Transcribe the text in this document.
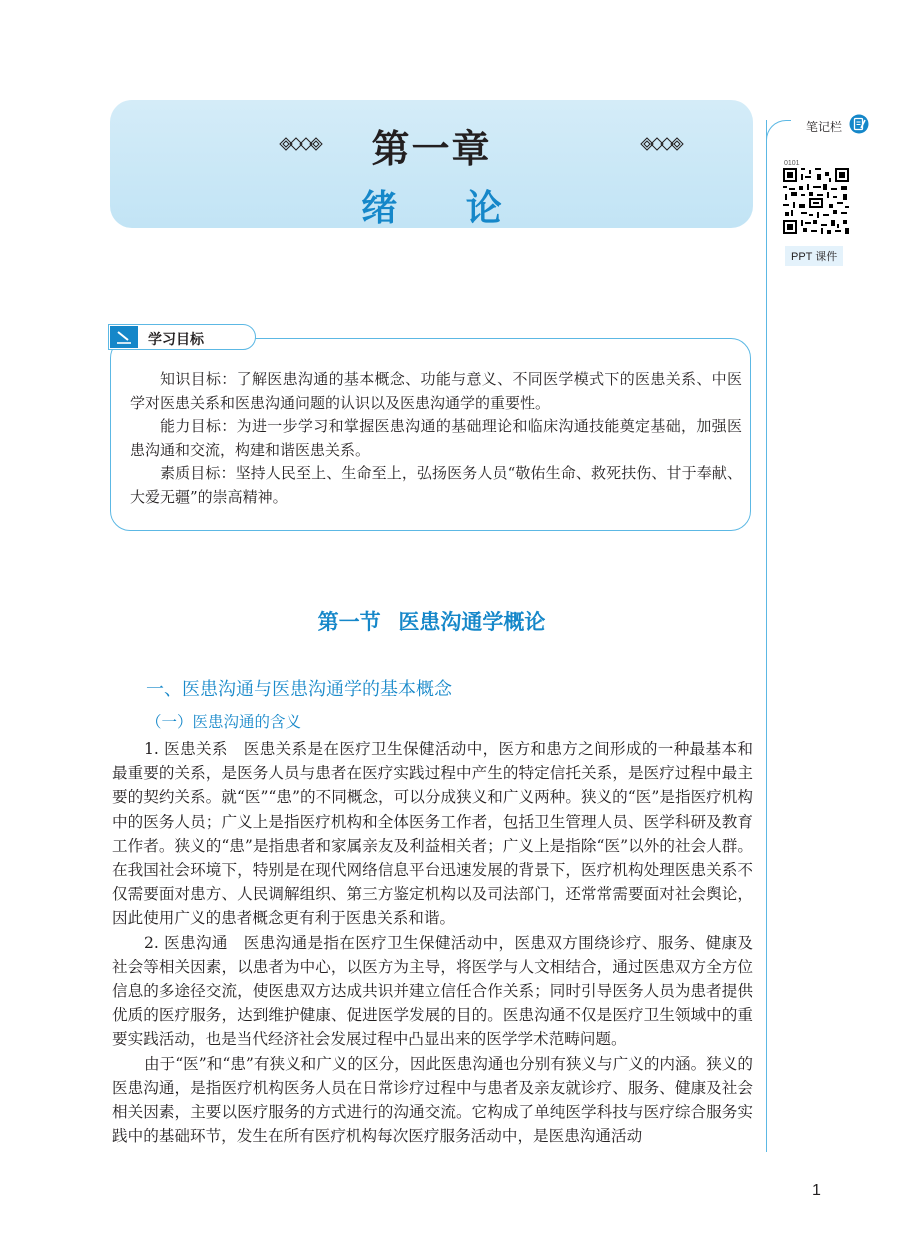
第一章
绪 论
笔记栏
0101
PPT 课件
学习目标

知识目标：了解医患沟通的基本概念、功能与意义、不同医学模式下的医患关系、中医学对医患关系和医患沟通问题的认识以及医患沟通学的重要性。

能力目标：为进一步学习和掌握医患沟通的基础理论和临床沟通技能奠定基础，加强医患沟通和交流，构建和谐医患关系。

素质目标：坚持人民至上、生命至上，弘扬医务人员“敬佑生命、救死扶伤、甘于奉献、大爱无疆”的崇高精神。

第一节 医患沟通学概论
一、医患沟通与医患沟通学的基本概念
（一）医患沟通的含义

1. 医患关系　医患关系是在医疗卫生保健活动中，医方和患方之间形成的一种最基本和最重要的关系，是医务人员与患者在医疗实践过程中产生的特定信托关系，是医疗过程中最主要的契约关系。就“医”“患”的不同概念，可以分成狭义和广义两种。狭义的“医”是指医疗机构中的医务人员；广义上是指医疗机构和全体医务工作者，包括卫生管理人员、医学科研及教育工作者。狭义的“患”是指患者和家属亲友及利益相关者；广义上是指除“医”以外的社会人群。在我国社会环境下，特别是在现代网络信息平台迅速发展的背景下，医疗机构处理医患关系不仅需要面对患方、人民调解组织、第三方鉴定机构以及司法部门，还常常需要面对社会舆论，因此使用广义的患者概念更有利于医患关系和谐。

2. 医患沟通　医患沟通是指在医疗卫生保健活动中，医患双方围绕诊疗、服务、健康及社会等相关因素，以患者为中心，以医方为主导，将医学与人文相结合，通过医患双方全方位信息的多途径交流，使医患双方达成共识并建立信任合作关系；同时引导医务人员为患者提供优质的医疗服务，达到维护健康、促进医学发展的目的。医患沟通不仅是医疗卫生领域中的重要实践活动，也是当代经济社会发展过程中凸显出来的医学学术范畴问题。

由于“医”和“患”有狭义和广义的区分，因此医患沟通也分别有狭义与广义的内涵。狭义的医患沟通，是指医疗机构医务人员在日常诊疗过程中与患者及亲友就诊疗、服务、健康及社会相关因素，主要以医疗服务的方式进行的沟通交流。它构成了单纯医学科技与医疗综合服务实践中的基础环节，发生在所有医疗机构每次医疗服务活动中，是医患沟通活动

1
